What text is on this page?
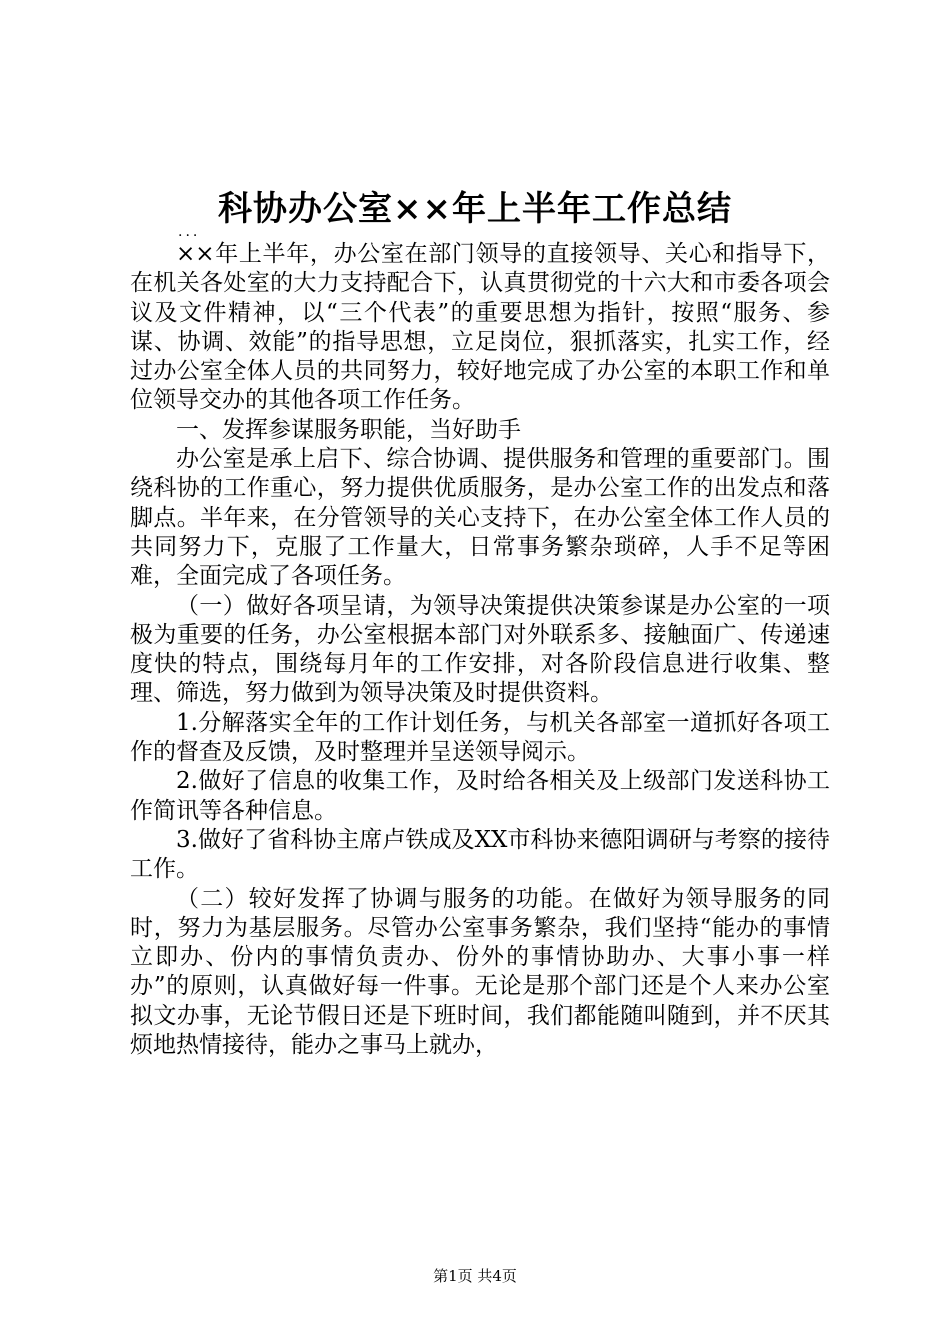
科协办公室××年上半年工作总结
...

××年上半年，办公室在部门领导的直接领导、关心和指导下，在机关各处室的大力支持配合下，认真贯彻党的十六大和市委各项会议及文件精神，以“三个代表”的重要思想为指针，按照“服务、参谋、协调、效能”的指导思想，立足岗位，狠抓落实，扎实工作，经过办公室全体人员的共同努力，较好地完成了办公室的本职工作和单位领导交办的其他各项工作任务。

一、发挥参谋服务职能，当好助手

办公室是承上启下、综合协调、提供服务和管理的重要部门。围绕科协的工作重心，努力提供优质服务，是办公室工作的出发点和落脚点。半年来，在分管领导的关心支持下，在办公室全体工作人员的共同努力下，克服了工作量大，日常事务繁杂琐碎，人手不足等困难，全面完成了各项任务。

（一）做好各项呈请，为领导决策提供决策参谋是办公室的一项极为重要的任务，办公室根据本部门对外联系多、接触面广、传递速度快的特点，围绕每月年的工作安排，对各阶段信息进行收集、整理、筛选，努力做到为领导决策及时提供资料。

1.分解落实全年的工作计划任务，与机关各部室一道抓好各项工作的督查及反馈，及时整理并呈送领导阅示。

2.做好了信息的收集工作，及时给各相关及上级部门发送科协工作简讯等各种信息。

3.做好了省科协主席卢铁成及XX市科协来德阳调研与考察的接待工作。

（二）较好发挥了协调与服务的功能。在做好为领导服务的同时，努力为基层服务。尽管办公室事务繁杂，我们坚持“能办的事情立即办、份内的事情负责办、份外的事情协助办、大事小事一样办”的原则，认真做好每一件事。无论是那个部门还是个人来办公室拟文办事，无论节假日还是下班时间，我们都能随叫随到，并不厌其烦地热情接待，能办之事马上就办，

第1页 共4页
